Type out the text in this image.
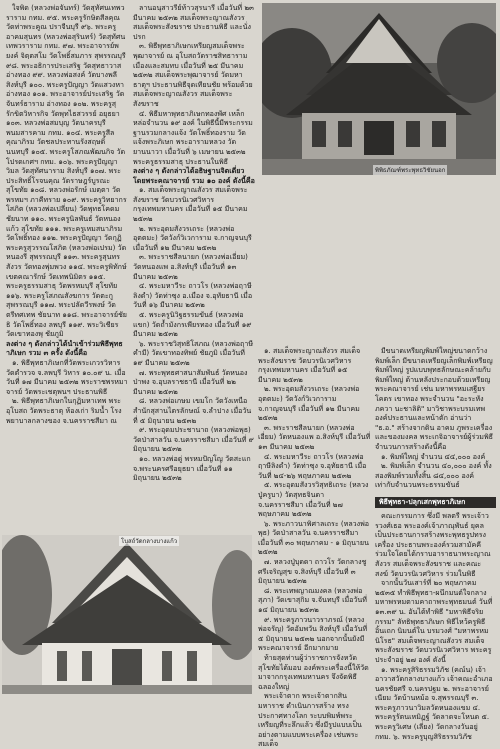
ใจพิด (หลวงพ่อจันทร์) วัดสุทัศนเทพวราราม กทม. ๙๕. พระครูรักษิตสีลคุณ วัดท่าพระคูณ ปราจีนบุรี ๙๖. พระครูอาคมสุนทร (หลวงพ่อสุรินทร์) วัดสุทัศนเทพวราราม กทม. ๙๗. พระอาจารย์พยงค์ จิตฺตสโม วัดโพธิ์สมภาร สุพรรณบุรี ๙๘. พระอธิการประเสริฐ วัดสุทธาวาส อ่างทอง ๙๙. หลวงพ่อสงค์ วัดบางพลี สิงห์บุรี ๑๐๐. พระครูปัญญา วัดแสวงหา อ่างทอง ๑๐๑. พระอาจารย์ประเสริฐ วัดจันทร์ธาราม อ่างทอง ๑๐๒. พระครูสุรักขิตวิหารกิจ วัดพุทไธสวรรย์ อยุธยา ๑๐๓. หลวงพ่อสมบุญ วัดนาครบุรี พนมสารคาม กทม. ๑๐๔. พระครูสีลคุณาภิรม วัดชลประทานรังสฤษดิ์ นนทบุรี ๑๐๕. พระครูโสภณพัฒนกิจ วัดโปรดเกศฯ กทม. ๑๐๖. พระครูปัญญาวิมล วัดสุทัศนาราม สิงห์บุรี ๑๐๗. พระประสิทธิ์โรจนคุณ วัดราษฎร์บูรณะ สุโขทัย ๑๐๘. หลวงพ่อรักษ์ เมตฺตา วัดพรหมฯ ภาคีทราย ๑๐๙. พระครูวิทยากรโสภิต (หลวงพ่อเปลี่ยน) วัดพุทธโคดม ชัยนาท ๑๑๐. พระครูนิลพันธ์ วัดหนองแก้ว สุโขทัย ๑๑๑. พระครูเหมสนาภิรม วัดโพธิ์ทอง ๑๑๒. พระครูปัญญา วัดกุฏิ พระครูสุวรรณโสภิต (หลวงพ่อเปรม) วัดหนองรี สุพรรณบุรี ๑๑๓. พระครูสุนทรสังวร วัดทองพุ่มพวง ๑๑๔. พระครูพิทักษ์เขตคณารักษ์ วัดเทพนิมิตร ๑๑๕. พระครูธรรมสาธุ วัดพรหมบุรี สุโขทัย ๑๑๖. พระครูโสภณสังฆการ วัดตะกู สุพรรณบุรี ๑๑๗. พระปลัดวีรพงษ์ วัดตรีทศเทพ ชัยนาท ๑๑๘. พระอาจารย์ชัยธิ วัดโพธิ์ทอง ลพบุรี ๑๑๙. พระวิเชียร วัดเขาทองพุ ชัยภูมิ

ลงต่าง ๆ ดังกล่าวได้นำเข้าร่วมพิธีพุทธาภิเษก รวม ๓ ครั้ง ดังนี้คือ

๑. พิธีพุทธาภิเษกที่วัดพระเกวรวิหารวัดตำรวจ จ.ลพบุรี วิหาร ๑๐.๐๙ น. เมื่อวันที่ ๑๗ มีนาคม ๒๕๓๒ พระราชพรหมาจารย์ วัดพระเชตุพนฯ ประธานพิธี

๒. พิธีพุทธาภิเษกในกุฏิมหาเทพ พระอุโบสถ วัดพระธาตุ ห้องเก่า ริมน้ำ โรงพยาบาลกลางของ จ.นครราชสีมา ณ

ลานอนุสาวรีย์ท้าวสุรนารี เมื่อวันที่ ๒๓ มีนาคม ๒๕๓๒ สมเด็จพระญาณสังวร สมเด็จพระสังฆราช ประธานพิธี และนั่งปรก

๓. พิธีพุทธาภิเษกเหรียญสมเด็จพระพุฒาจารย์ ณ อุโบสถวัดราชสิทธาราม เมืองและสมทบ เมื่อวันที่ ๒๕ มีนาคม ๒๕๓๒ สมเด็จพระพุฒาจารย์ วัดมหาธาตุฯ ประธานพิธีจุดเทียนชัย พร้อมด้วยสมเด็จพระญาณสังวร สมเด็จพระสังฆราช

๔. พิธีมหาพุทธาภิเษกทองพัศ เหล็กหล่อจำนวน ๑๙ องค์ ในพิธีนี้มีพระกรรมฐานรวมกลางแจ้ง วัดโพธิ์ทองราม วัดแจ้งพระภิเษก พระอารามหลวง วัดยานนาวา เมื่อวันที่ ๖ เมษายน ๒๕๓๒ พระครูธรรมสาธุ ประธานในพิธี

ลงต่าง ๆ ดังกล่าวได้อธิษฐานจิตเดี่ยวโดยพระคณาจารย์ รวม ๑๐ องค์ ดังนี้คือ

๑. สมเด็จพระญาณสังวร สมเด็จพระสังฆราช วัดบวรนิเวศวิหาร กรุงเทพมหานคร เมื่อวันที่ ๑๕ มีนาคม ๒๕๓๒

๒. พระอุดมสังวรเถระ (หลวงพ่ออุตตมะ) วัดวังก์วิเวการาม จ.กาญจนบุรี เมื่อวันที่ ๑๒ มีนาคม ๒๕๓๒

๓. พระราชสีลนายก (หลวงพ่อเอี่ยม) วัดหนองแพ อ.สิงห์บุรี เมื่อวันที่ ๑๓ มีนาคม ๒๕๓๒

๔. พระมหาวีระ ถาวโร (หลวงพ่อฤาษีลิงดำ) วัดท่าซุง อ.เมือง จ.อุทัยธานี เมื่อวันที่ ๑๖ มีนาคม ๒๕๓๒

๕. พระครูนิวิฐธรรมขันธ์ (หลวงพ่อแขก) วัดถ้ำมังกรเพียรทอง เมื่อวันที่ ๑๙ มีนาคม ๒๕๓๒

๖. พระราชวิสุทธิโสภณ (หลวงพ่อฤาษีคำมี) วัดเขาทองทิพย์ ชัยภูมิ เมื่อวันที่ ๑๙ มีนาคม ๒๕๓๒

๗. พระพุทธศาสนาสัมพันธ์ วัดหนองป่าพง จ.อุบลราชธานี เมื่อวันที่ ๒๒ มีนาคม ๒๕๓๒

๘. หลวงพ่อเกษม เขมโก วัดวังเหนือ สำนักสุสานไตรลักษณ์ จ.ลำปาง เมื่อวันที่ ๕ มิถุนายน ๒๕๓๒

๙. พระอุดมประชานาถ (หลวงพ่อพุธ) วัดป่าสาลวัน จ.นครราชสีมา เมื่อวันที่ ๙ มิถุนายน ๒๕๓๒

๑๐. หลวงพ่อดู่ พรหมปัญโญ วัดสะแก จ.พระนครศรีอยุธยา เมื่อวันที่ ๑๑ มิถุนายน ๒๕๓๒

พิพิธภัณฑ์พระพุทธวิชัยนอก

๑. สมเด็จพระญาณสังวร สมเด็จพระสังฆราช วัดบวรนิเวศวิหาร กรุงเทพมหานคร เมื่อวันที่ ๑๕ มีนาคม ๒๕๓๒

๒. พระอุดมสังวรเถระ (หลวงพ่ออุตตมะ) วัดวังก์วิเวการาม จ.กาญจนบุรี เมื่อวันที่ ๑๒ มีนาคม ๒๕๓๒

๓. พระราชสีลนายก (หลวงพ่อเอี่ยม) วัดหนองแพ อ.สิงห์บุรี เมื่อวันที่ ๑๓ มีนาคม ๒๕๓๒

๔. พระมหาวีระ ถาวโร (หลวงพ่อฤาษีลิงดำ) วัดท่าซุง จ.อุทัยธานี เมื่อวันที่ ๒๔-๒๖ พฤษภาคม ๒๕๓๒

๕. พระอุดมสังวรวิสุทธิเถระ (หลวงปู่ครูบา) วัดสุทธจินดา จ.นครราชสีมา เมื่อวันที่ ๒๗ พฤษภาคม ๒๕๓๒

๖. พระภาวนาพิศาลเถระ (หลวงพ่อพุธ) วัดป่าสาลวัน จ.นครราชสีมา เมื่อวันที่ ๓๐ พฤษภาคม - ๑ มิถุนายน ๒๕๓๒

๗. หลวงปู่บุดดา ถาวโร วัดกลางชูศรีเจริญสุข จ.สิงห์บุรี เมื่อวันที่ ๓ มิถุนายน ๒๕๓๒

๘. พระเทพญาณมงคล (หลวงพ่อสุภา) วัดเขาสุกิม จ.จันทบุรี เมื่อวันที่ ๑๔ มิถุนายน ๒๕๓๒

๙. พระครูภาวนาวราภรณ์ (หลวงพ่อจรัญ) วัดอัมพวัน สิงห์บุรี เมื่อวันที่ ๕ มิถุนายน ๒๕๓๒ นอกจากนั้นยังมีพระคณาจารย์ อีกมากมาย

ท้ายสุดท่านผู้ว่าราชการจังหวัดสุโขทัยได้มอบ องค์พระเครื่องนี้ให้วัดมาจากกรุงเทพมหานคร จึงจัดพิธีฉลองใหญ่

พระเจ้าตาก พระเจ้าตากสินมหาราช ดำเนินการสร้าง ทรงประกาศทางโลก ระบบพิมพ์พระเหรียญที่ระลึกแล้ว ซึ่งมีรูปแบบเป็นอย่างตามแบบพระเครื่อง เช่นพระสมเด็จ

มีขนาดเหรียญพิมพ์ใหญ่ขนาดกว้างพิมพ์เล็ก มีขนาดเหรียญเล็กพิมพ์เหรียญพิมพ์ใหญ่ รูปแบบพุทธลักษณะคล้ายกับพิมพ์ใหญ่ ด้านหลังประกอบด้วยเหรียญพระคณาจารย์ เช่น มหาพรหมเสฐียรโคตร เขาทอง พระจำนวน "อะระหัง ภควา นะชาลิติ" มาวิชาพระบรมเทพ องค์ประธานและหน้าตัก อ่านว่า "ธ.อ." สร้างจากดิน อาคม ภูพระเครื่อง และของมงคล พระเกจิอาจารย์ผู้ร่วมพิธี จำนวนการสร้างดังนี้คือ

๑. พิมพ์ใหญ่ จำนวน ๔๔,๐๐๐ องค์

๒. พิมพ์เล็ก จำนวน ๔๐,๐๐๐ องค์ ทั้งสองพิมพ์รวมทั้งสิ้น ๘๔,๐๐๐ องค์ เท่ากับจำนวนพระธรรมขันธ์

พิธีพุทธา-ปลุกเสกพุทธาภิเษก

คณะกรรมการ ซึ่งมี พลตรี พระเจ้าวรวงศ์เธอ พระองค์เจ้าภาณุพันธ์ ยุคล เป็นประธานการสร้างพระพุทธรูปทรงเครื่อง ประธานพระองค์รวมสามัคคีร่วมใจโดยได้กราบอาราธนาพระญาณสังวร สมเด็จพระสังฆราช และคณะสงฆ์ วัดบวรนิเวศวิหาร ร่วมในพิธี

จากนั้นวันเสาร์ที่ ๒๐ พฤษภาคม ๒๕๓๕ ทำพิธีพุทธา-ผนึกมนต์ใจกลางมหาพรหมตามคาถาพระพุทธมนต์ วันที่ ๑๓.๓๙ น. อันได้ทำพิธี "มหาพิธีจริยกรรม" ลัทธิพุทธาภิเษก พิธีไหว้ครูพิธีอิ้นเถก นิมนต์ใน บรมวงศ์ "มหาพรหมนิโรธ" สมเด็จพระญาณสังวร สมเด็จพระสังฆราช วัดบวรนิเวศวิหาร พระครูประจำอยู่ ๒๗ องค์ ดังนี้

๑. พระครูสิริธรรมวิภัช (คณ์น) เจ้าอาวาสวัดกลางบางแก้ว เจ้าคณะอำเภอนครชัยศรี จ.นครปฐม ๒. พระอาจารย์เนียม วัดบ้านหม้อ จ.สุพรรณบุรี ๓. พระครูภาวนาวิมลวัดหนองแขม ๔. พระครูรัตนเหมิฏฐ์ วัดลาดจะโหนด ๕. พระครูวิเศษ (เลี่ยง) วัดกลางวันอยู่ กทม. ๖. พระครูบุญสิริธรรมวิภัช

โบสถ์วัดกลางบางแก้ว
